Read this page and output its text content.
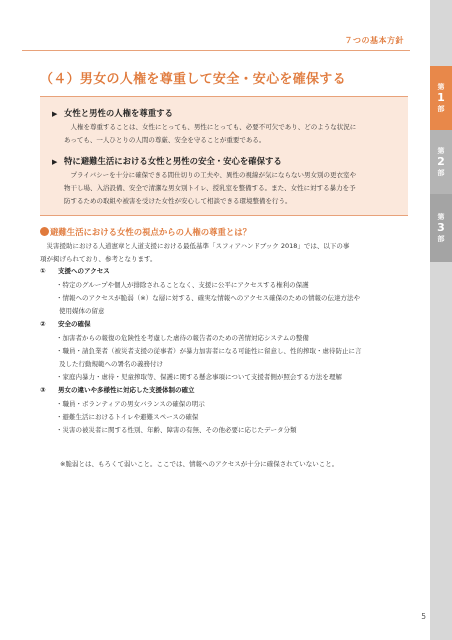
７つの基本方針
（４）男女の人権を尊重して安全・安心を確保する
▶ 女性と男性の人権を尊重する
人権を尊重することは、女性にとっても、男性にとっても、必要不可欠であり、どのような状況に
あっても、一人ひとりの人間の尊厳、安全を守ることが重要である。
▶ 特に避難生活における女性と男性の安全・安心を確保する
プライバシーを十分に確保できる間仕切りの工夫や、異性の視線が気にならない男女別の更衣室や
物干し場、入浴設備、安全で清潔な男女別トイレ、授乳室を整備する。また、女性に対する暴力を予
防するための取組や被害を受けた女性が安心して相談できる環境整備を行う。
避難生活における女性の視点からの人権の尊重とは？
災害援助における人道憲章と人道支援における最低基準「スフィアハンドブック 2018」では、以下の事
項が掲げられており、参考となります。
① 支援へのアクセス
・特定のグループや個人が排除されることなく、支援に公平にアクセスする権利の保護
・情報へのアクセスが脆弱（※）な層に対する、確実な情報へのアクセス確保のための情報の伝達方法や
使用媒体の留意
② 安全の確保
・加害者からの報復の危険性を考慮した虐待の報告者のための苦情対応システムの整備
・職員・請負業者（被災者支援の従事者）が暴力加害者になる可能性に留意し、性的搾取・虐待防止に言
及した行動規範への署名の義務付け
・家庭内暴力・虐待・児童搾取等、保護に関する懸念事項について支援者側が照会する方法を理解
③ 男女の違いや多様性に対応した支援体制の確立
・職員・ボランティアの男女バランスの確保の明示
・避難生活におけるトイレや避難スペースの確保
・災害の被災者に関する性別、年齢、障害の有無、その他必要に応じたデータ分類
※脆弱とは、もろくて弱いこと。ここでは、情報へのアクセスが十分に確保されていないこと。
5
第
1
部
第
2
部
第
3
部
